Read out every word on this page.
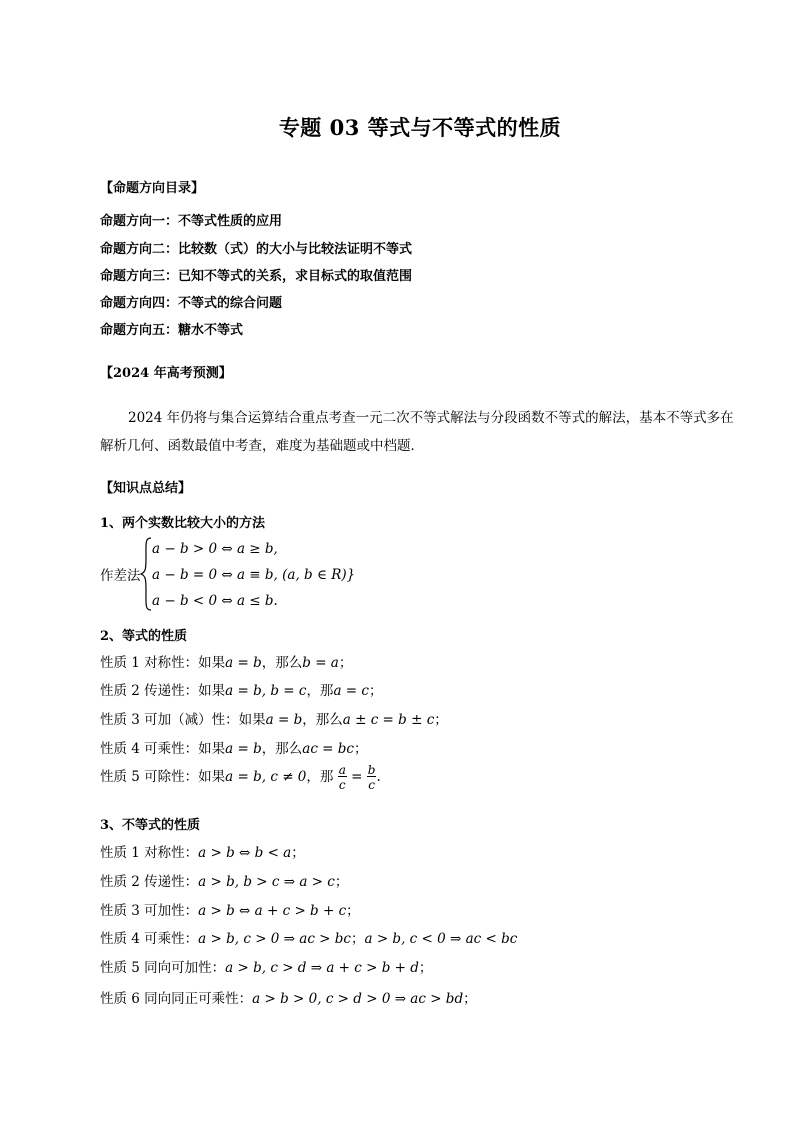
专题 03 等式与不等式的性质
【命题方向目录】
命题方向一：不等式性质的应用
命题方向二：比较数（式）的大小与比较法证明不等式
命题方向三：已知不等式的关系，求目标式的取值范围
命题方向四：不等式的综合问题
命题方向五：糖水不等式
【2024 年高考预测】
2024 年仍将与集合运算结合重点考查一元二次不等式解法与分段函数不等式的解法，基本不等式多在
解析几何、函数最值中考查，难度为基础题或中档题．
【知识点总结】
1、两个实数比较大小的方法
作差法
a − b > 0 ⇔ a ≥ b,
a − b = 0 ⇔ a ≡ b, (a, b ∈ R)}
a − b < 0 ⇔ a ≤ b.
2、等式的性质
性质 1 对称性：如果a = b，那么b = a；
性质 2 传递性：如果a = b, b = c，那a = c；
性质 3 可加（减）性：如果a = b，那么a ± c = b ± c；
性质 4 可乘性：如果a = b，那么ac = bc；
性质 5 可除性：如果a = b, c ≠ 0，那 $\frac{a}{c} = \frac{b}{c}$ .
3、不等式的性质
性质 1 对称性：a > b ⇔ b < a；
性质 2 传递性：a > b, b > c ⇒ a > c；
性质 3 可加性：a > b ⇔ a + c > b + c；
性质 4 可乘性：a > b, c > 0 ⇒ ac > bc；a > b, c < 0 ⇒ ac < bc
性质 5 同向可加性：a > b, c > d ⇒ a + c > b + d；
性质 6 同向同正可乘性：a > b > 0, c > d > 0 ⇒ ac > bd；
